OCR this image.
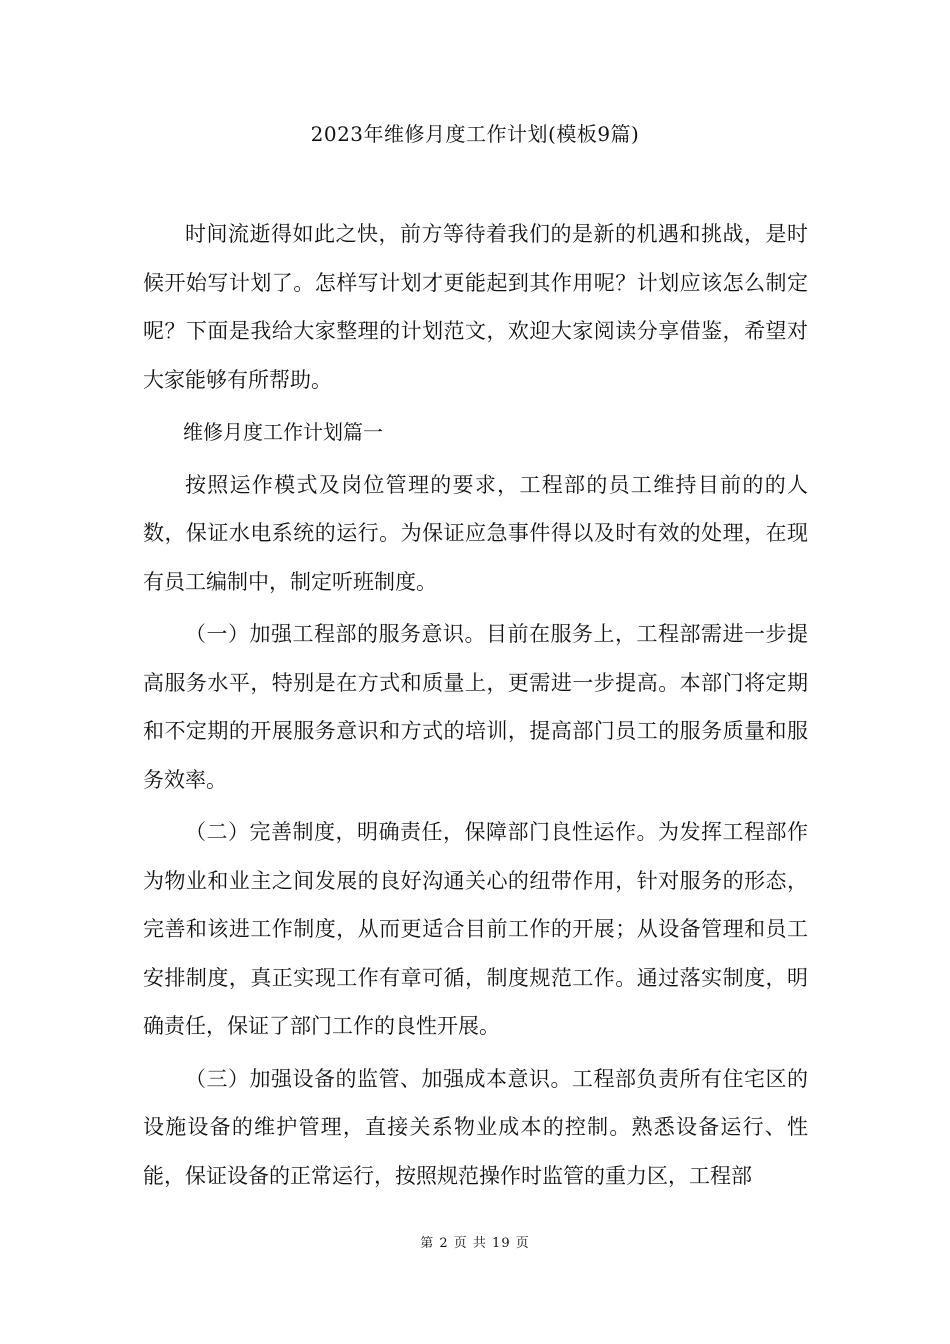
2023年维修月度工作计划(模板9篇)

时间流逝得如此之快，前方等待着我们的是新的机遇和挑战，是时候开始写计划了。怎样写计划才更能起到其作用呢？计划应该怎么制定呢？下面是我给大家整理的计划范文，欢迎大家阅读分享借鉴，希望对大家能够有所帮助。

维修月度工作计划篇一

按照运作模式及岗位管理的要求，工程部的员工维持目前的的人数，保证水电系统的运行。为保证应急事件得以及时有效的处理，在现有员工编制中，制定听班制度。

（一）加强工程部的服务意识。目前在服务上，工程部需进一步提高服务水平，特别是在方式和质量上，更需进一步提高。本部门将定期和不定期的开展服务意识和方式的培训，提高部门员工的服务质量和服务效率。

（二）完善制度，明确责任，保障部门良性运作。为发挥工程部作为物业和业主之间发展的良好沟通关心的纽带作用，针对服务的形态，完善和该进工作制度，从而更适合目前工作的开展；从设备管理和员工安排制度，真正实现工作有章可循，制度规范工作。通过落实制度，明确责任，保证了部门工作的良性开展。

（三）加强设备的监管、加强成本意识。工程部负责所有住宅区的设施设备的维护管理，直接关系物业成本的控制。熟悉设备运行、性能，保证设备的正常运行，按照规范操作时监管的重力区，工程部

第 2 页 共 19 页
